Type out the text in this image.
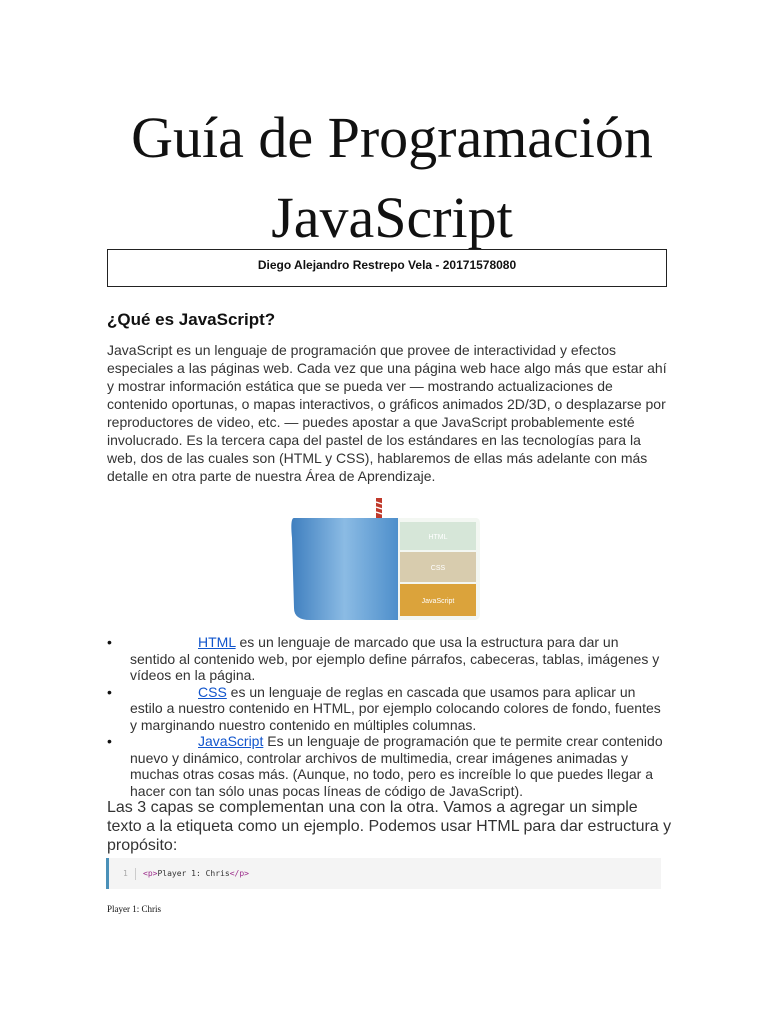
Guía de Programación
JavaScript
Diego Alejandro Restrepo Vela - 20171578080
¿Qué es JavaScript?

JavaScript es un lenguaje de programación que provee de interactividad y efectos especiales a las páginas web. Cada vez que una página web hace algo más que estar ahí y mostrar información estática que se pueda ver — mostrando actualizaciones de contenido oportunas, o mapas interactivos, o gráficos animados 2D/3D, o desplazarse por reproductores de video, etc. — puedes apostar a que JavaScript probablemente esté involucrado. Es la tercera capa del pastel de los estándares en las tecnologías para la web, dos de las cuales son (HTML y CSS), hablaremos de ellas más adelante con más detalle en otra parte de nuestra Área de Aprendizaje.

HTML
CSS
JavaScript
•	HTML es un lenguaje de marcado que usa la estructura para dar un sentido al contenido web, por ejemplo define párrafos, cabeceras, tablas, imágenes y vídeos en la página.
•	CSS es un lenguaje de reglas en cascada que usamos para aplicar un estilo a nuestro contenido en HTML, por ejemplo colocando colores de fondo, fuentes y marginando nuestro contenido en múltiples columnas.
•	JavaScript Es un lenguaje de programación que te permite crear contenido nuevo y dinámico, controlar archivos de multimedia, crear imágenes animadas y muchas otras cosas más. (Aunque, no todo, pero es increíble lo que puedes llegar a hacer con tan sólo unas pocas líneas de código de JavaScript).

Las 3 capas se complementan una con la otra. Vamos a agregar un simple texto a la etiqueta como un ejemplo. Podemos usar HTML para dar estructura y propósito:

1 <p>Player 1: Chris</p>
Player 1: Chris
